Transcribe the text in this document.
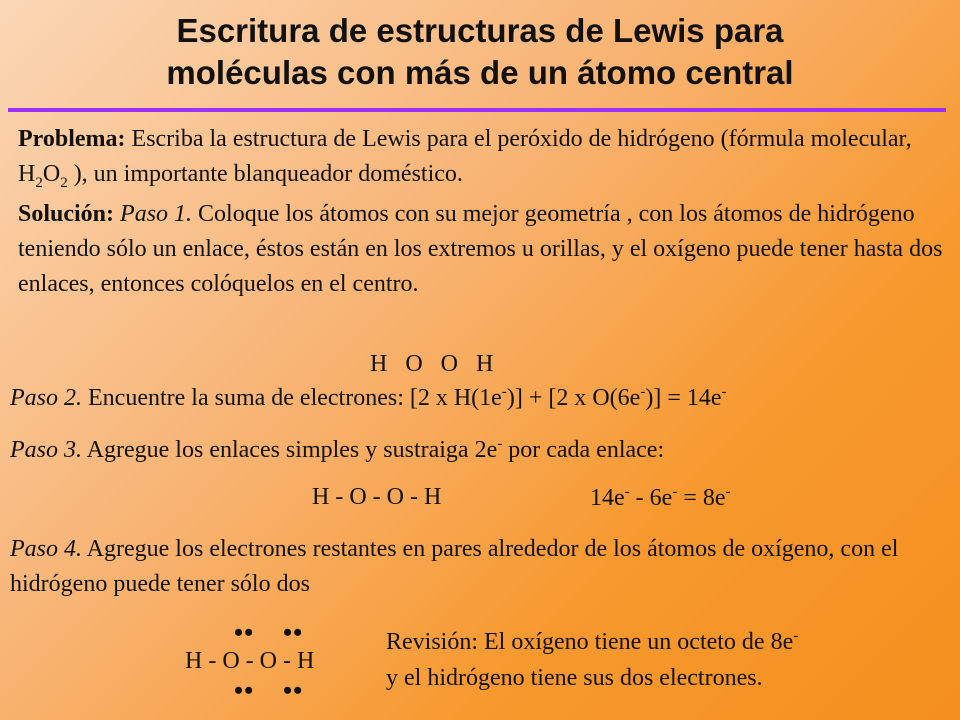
Escritura de estructuras de Lewis para
moléculas con más de un átomo central
Problema: Escriba la estructura de Lewis para el peróxido de hidrógeno (fórmula molecular, $H_2O_2$ ), un importante blanqueador doméstico.
Solución: Paso 1. Coloque los átomos con su mejor geometría , con los átomos de hidrógeno teniendo sólo un enlace, éstos están en los extremos u orillas, y el oxígeno puede tener hasta dos enlaces, entonces colóquelos en el centro.
H   O   O   H
Paso 2. Encuentre la suma de electrones: [2 x H(1e-)] + [2 x O(6e-)] = 14e-
Paso 3. Agregue los enlaces simples y sustraiga 2e- por cada enlace:
H - O - O - H	14e- - 6e- = 8e-
Paso 4. Agregue los electrones restantes en pares alrededor de los átomos de oxígeno, con el hidrógeno puede tener sólo dos
•• ••
H - O - O - H
•• ••
Revisión: El oxígeno tiene un octeto de 8e-
y el hidrógeno tiene sus dos electrones.
